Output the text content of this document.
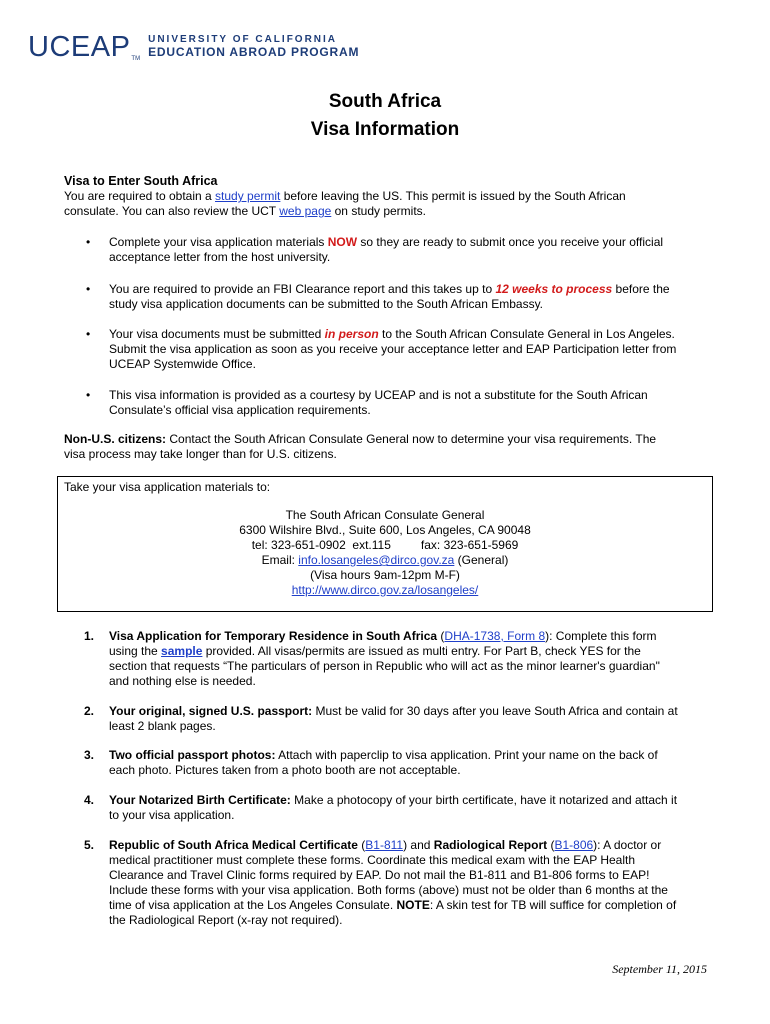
UCEAP TM
UNIVERSITY OF CALIFORNIA
EDUCATION ABROAD PROGRAM
South Africa
Visa Information
Visa to Enter South Africa
You are required to obtain a study permit before leaving the US. This permit is issued by the South African
consulate. You can also review the UCT web page on study permits.
• Complete your visa application materials NOW so they are ready to submit once you receive your official
acceptance letter from the host university.
• You are required to provide an FBI Clearance report and this takes up to 12 weeks to process before the
study visa application documents can be submitted to the South African Embassy.
• Your visa documents must be submitted in person to the South African Consulate General in Los Angeles.
Submit the visa application as soon as you receive your acceptance letter and EAP Participation letter from
UCEAP Systemwide Office.
• This visa information is provided as a courtesy by UCEAP and is not a substitute for the South African
Consulate’s official visa application requirements.
Non-U.S. citizens: Contact the South African Consulate General now to determine your visa requirements. The
visa process may take longer than for U.S. citizens.
Take your visa application materials to:
The South African Consulate General
6300 Wilshire Blvd., Suite 600, Los Angeles, CA 90048
tel: 323-651-0902  ext.115         fax: 323-651-5969
Email: info.losangeles@dirco.gov.za (General)
(Visa hours 9am-12pm M-F)
http://www.dirco.gov.za/losangeles/
1. Visa Application for Temporary Residence in South Africa (DHA-1738, Form 8): Complete this form
using the sample provided. All visas/permits are issued as multi entry. For Part B, check YES for the
section that requests “The particulars of person in Republic who will act as the minor learner's guardian"
and nothing else is needed.
2. Your original, signed U.S. passport: Must be valid for 30 days after you leave South Africa and contain at
least 2 blank pages.
3. Two official passport photos: Attach with paperclip to visa application. Print your name on the back of
each photo. Pictures taken from a photo booth are not acceptable.
4. Your Notarized Birth Certificate: Make a photocopy of your birth certificate, have it notarized and attach it
to your visa application.
5. Republic of South Africa Medical Certificate (B1-811) and Radiological Report (B1-806): A doctor or
medical practitioner must complete these forms. Coordinate this medical exam with the EAP Health
Clearance and Travel Clinic forms required by EAP. Do not mail the B1-811 and B1-806 forms to EAP!
Include these forms with your visa application. Both forms (above) must not be older than 6 months at the
time of visa application at the Los Angeles Consulate. NOTE: A skin test for TB will suffice for completion of
the Radiological Report (x-ray not required).
September 11, 2015
